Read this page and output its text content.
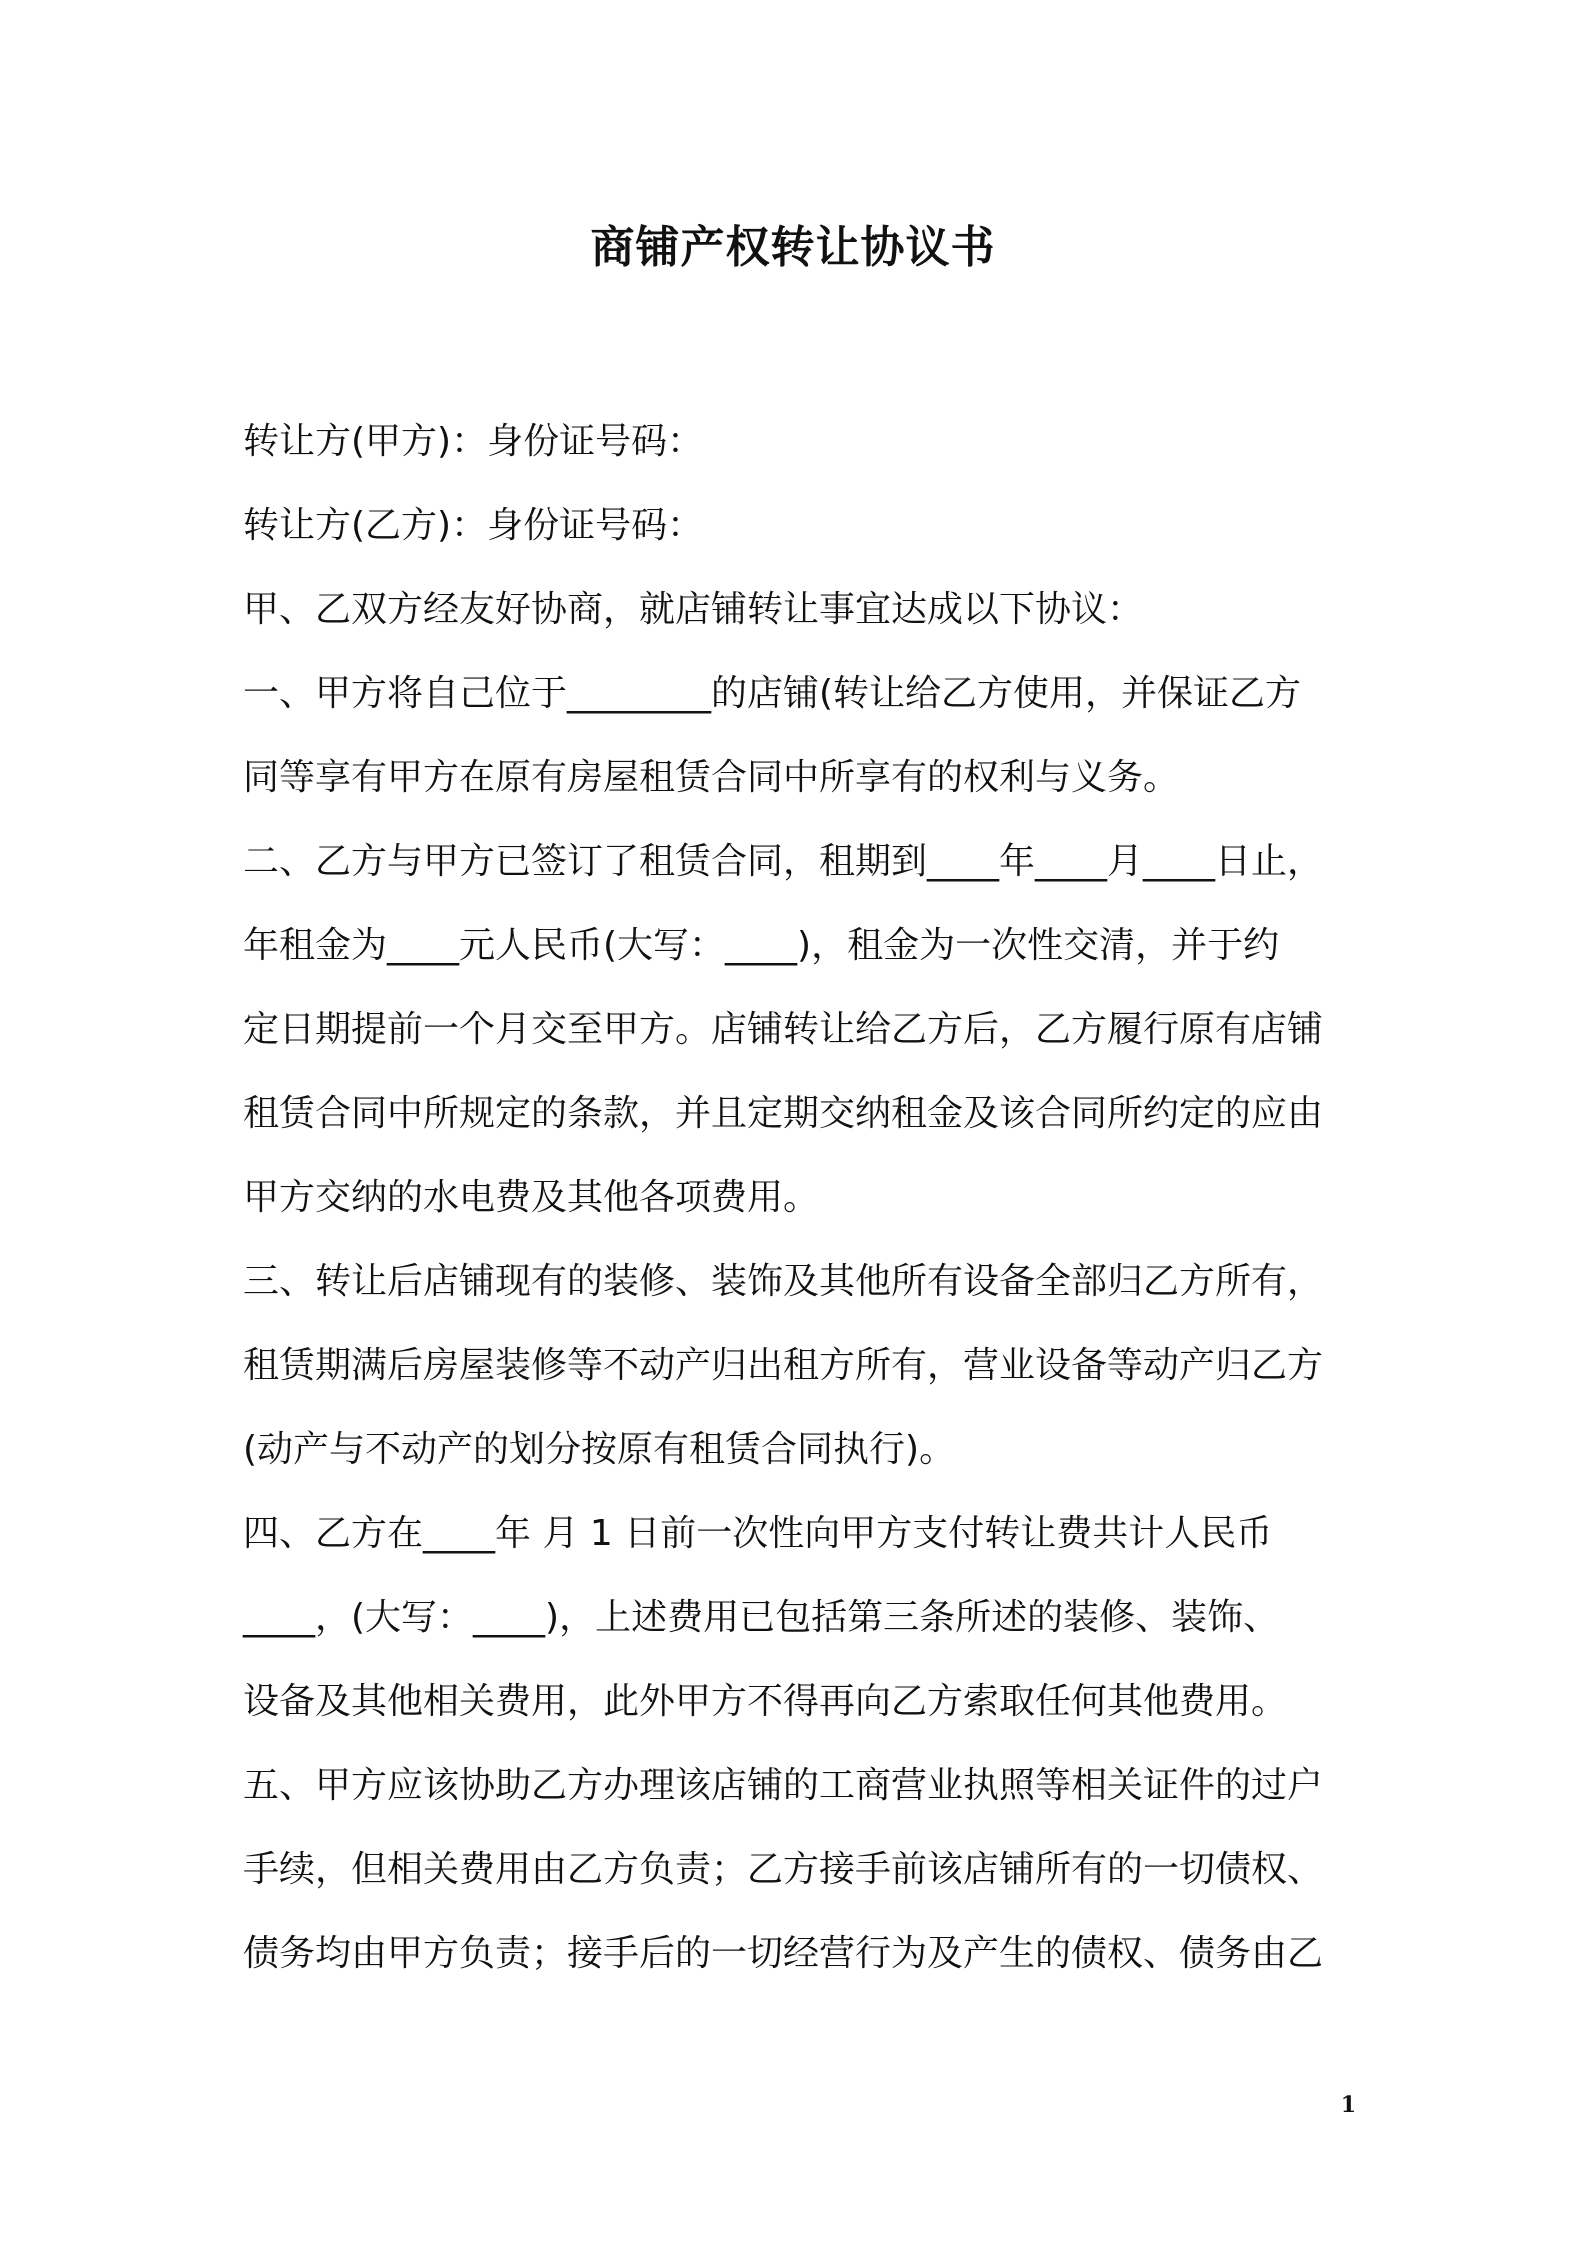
商铺产权转让协议书
转让方(甲方)：身份证号码：
转让方(乙方)：身份证号码：
甲、乙双方经友好协商，就店铺转让事宜达成以下协议：
一、甲方将自己位于________的店铺(转让给乙方使用，并保证乙方
同等享有甲方在原有房屋租赁合同中所享有的权利与义务。
二、乙方与甲方已签订了租赁合同，租期到____年____月____日止，
年租金为____元人民币(大写：____)，租金为一次性交清，并于约
定日期提前一个月交至甲方。店铺转让给乙方后，乙方履行原有店铺
租赁合同中所规定的条款，并且定期交纳租金及该合同所约定的应由
甲方交纳的水电费及其他各项费用。
三、转让后店铺现有的装修、装饰及其他所有设备全部归乙方所有，
租赁期满后房屋装修等不动产归出租方所有，营业设备等动产归乙方
(动产与不动产的划分按原有租赁合同执行)。
四、乙方在____年 月 1 日前一次性向甲方支付转让费共计人民币
____，(大写：____)，上述费用已包括第三条所述的装修、装饰、
设备及其他相关费用，此外甲方不得再向乙方索取任何其他费用。
五、甲方应该协助乙方办理该店铺的工商营业执照等相关证件的过户
手续，但相关费用由乙方负责；乙方接手前该店铺所有的一切债权、
债务均由甲方负责；接手后的一切经营行为及产生的债权、债务由乙
1
